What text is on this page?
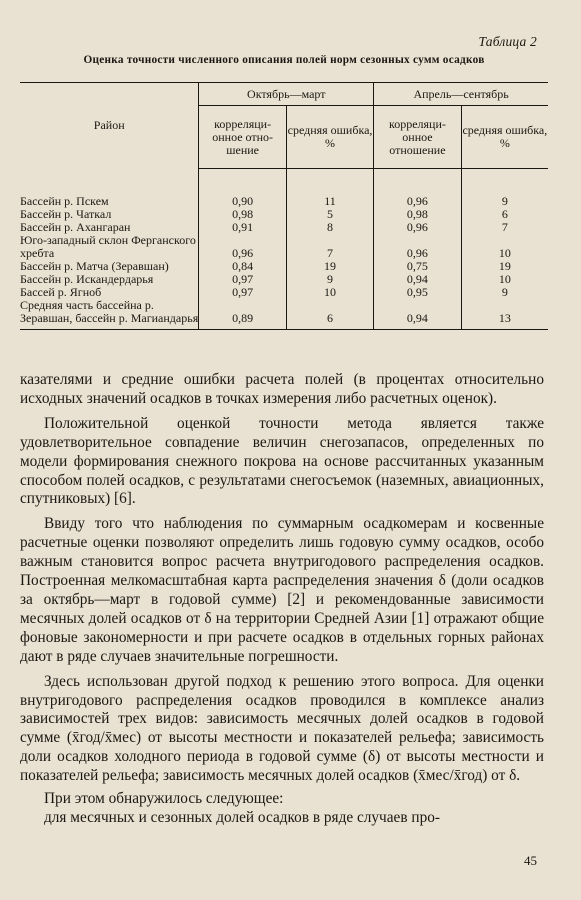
Таблица 2
Оценка точности численного описания полей норм сезонных сумм осадков
Район	Октябрь—март		Апрель—сентябрь	
	корреляци-онное отно-шение	средняя ошибка, %	корреляци-онное отношение	средняя ошибка, %

Бассейн р. Пскем	0,90	11	0,96	9
Бассейн р. Чаткал	0,98	5	0,98	6
Бассейн р. Ахангаран	0,91	8	0,96	7
Юго-западный склон Ферганского хребта	0,96	7	0,96	10
Бассейн р. Матча (Зеравшан)	0,84	19	0,75	19
Бассейн р. Искандердарья	0,97	9	0,94	10
Бассей р. Ягноб	0,97	10	0,95	9
Средняя часть бассейна р. Зеравшан, бассейн р. Магиандарья	0,89	6	0,94	13

казателями и средние ошибки расчета полей (в процентах относительно исходных значений осадков в точках измерения либо расчетных оценок).

Положительной оценкой точности метода является также удовлетворительное совпадение величин снегозапасов, определенных по модели формирования снежного покрова на основе рассчитанных указанным способом полей осадков, с результатами снегосъемок (наземных, авиационных, спутниковых) [6].

Ввиду того что наблюдения по суммарным осадкомерам и косвенные расчетные оценки позволяют определить лишь годовую сумму осадков, особо важным становится вопрос расчета внутригодового распределения осадков. Построенная мелкомасштабная карта распределения значения δ (доли осадков за октябрь—март в годовой сумме) [2] и рекомендованные зависимости месячных долей осадков от δ на территории Средней Азии [1] отражают общие фоновые закономерности и при расчете осадков в отдельных горных районах дают в ряде случаев значительные погрешности.

Здесь использован другой подход к решению этого вопроса. Для оценки внутригодового распределения осадков проводился в комплексе анализ зависимостей трех видов: зависимость месячных долей осадков в годовой сумме (x̄год/x̄мес) от высоты местности и показателей рельефа; зависимость доли осадков холодного периода в годовой сумме (δ) от высоты местности и показателей рельефа; зависимость месячных долей осадков (x̄мес/x̄год) от δ.

При этом обнаружилось следующее:

для месячных и сезонных долей осадков в ряде случаев про-

45
